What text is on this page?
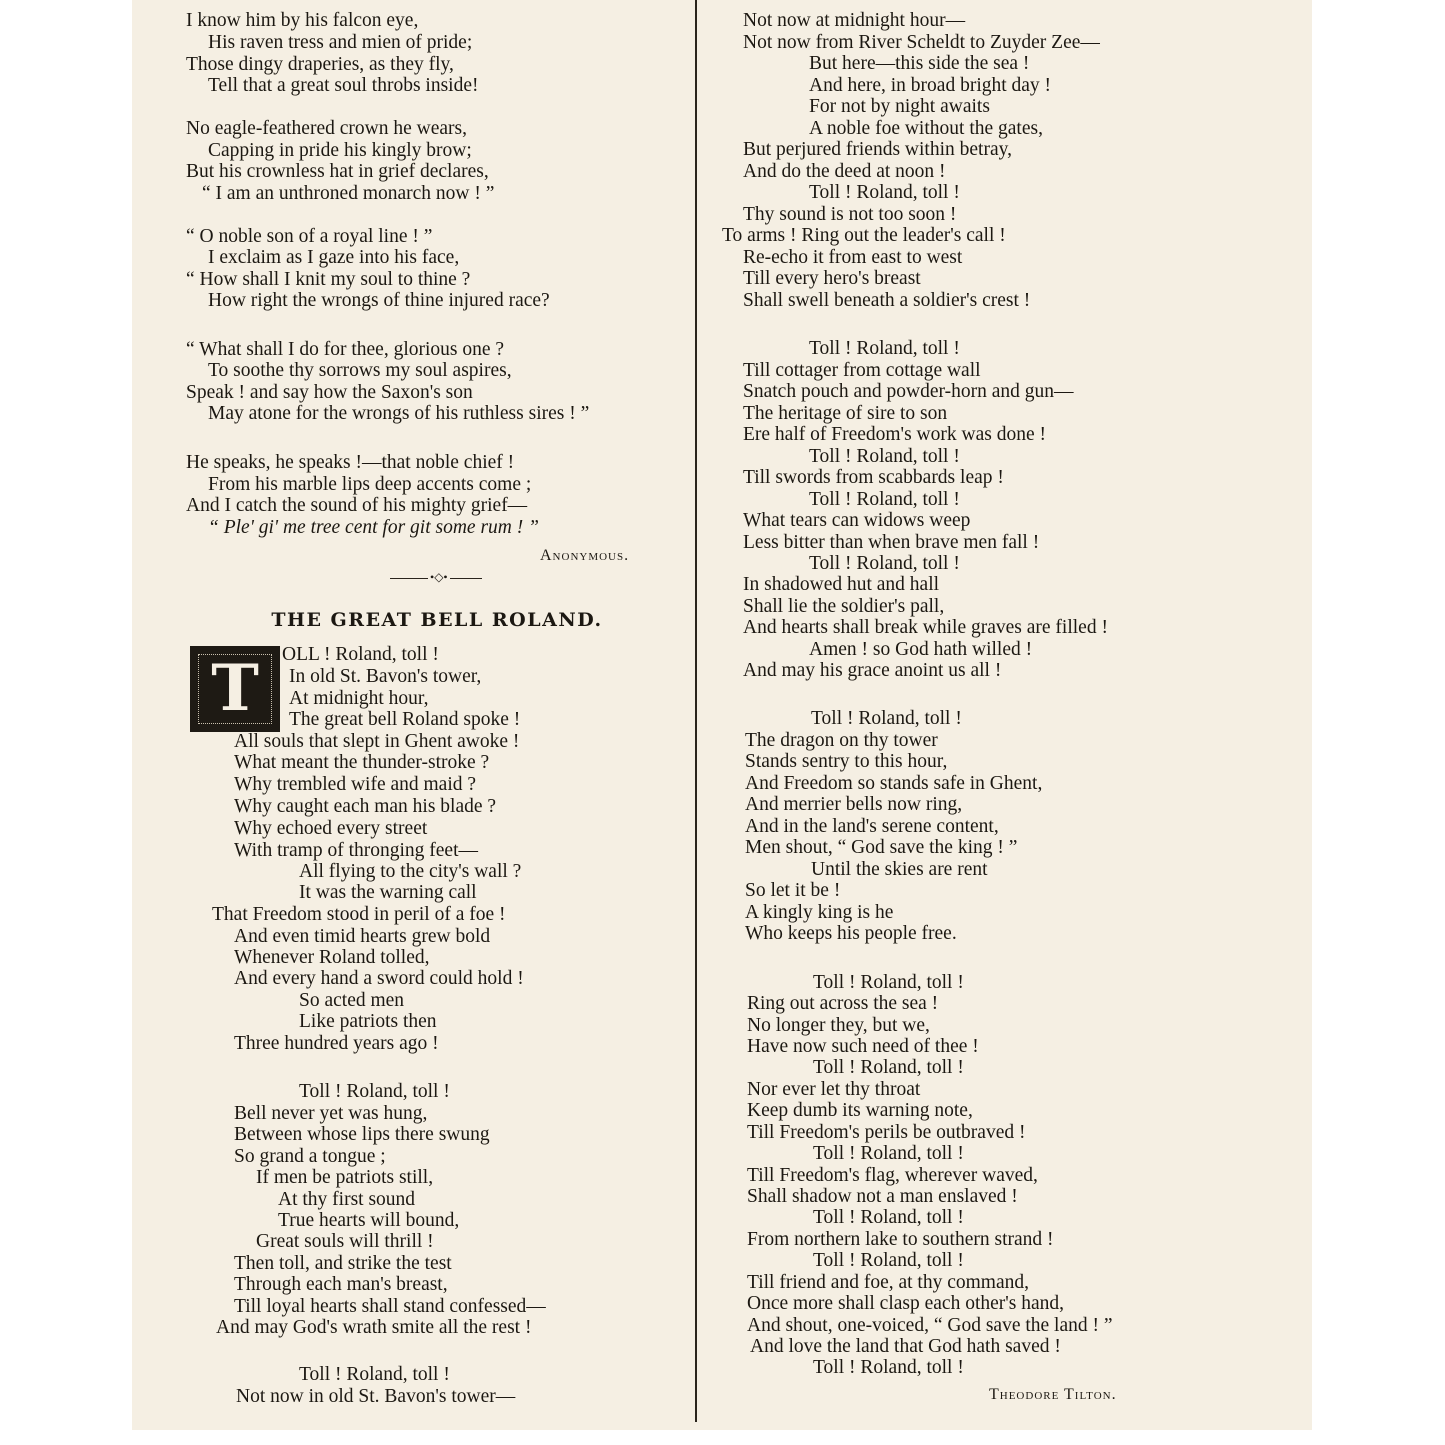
I know him by his falcon eye,
His raven tress and mien of pride;
Those dingy draperies, as they fly,
Tell that a great soul throbs inside!
No eagle-feathered crown he wears,
Capping in pride his kingly brow;
But his crownless hat in grief declares,
“ I am an unthroned monarch now ! ”
“ O noble son of a royal line ! ”
I exclaim as I gaze into his face,
“ How shall I knit my soul to thine ?
How right the wrongs of thine injured race?
“ What shall I do for thee, glorious one ?
To soothe thy sorrows my soul aspires,
Speak ! and say how the Saxon's son
May atone for the wrongs of his ruthless sires ! ”
He speaks, he speaks !—that noble chief !
From his marble lips deep accents come ;
And I catch the sound of his mighty grief—
“ Ple' gi' me tree cent for git some rum ! ”
Anonymous.
•◇•
THE GREAT BELL ROLAND.
T	OLL ! Roland, toll !
In old St. Bavon's tower,
At midnight hour,
The great bell Roland spoke !
All souls that slept in Ghent awoke !
What meant the thunder-stroke ?
Why trembled wife and maid ?
Why caught each man his blade ?
Why echoed every street
With tramp of thronging feet—
All flying to the city's wall ?
It was the warning call
That Freedom stood in peril of a foe !
And even timid hearts grew bold
Whenever Roland tolled,
And every hand a sword could hold !
So acted men
Like patriots then
Three hundred years ago !
Toll ! Roland, toll !
Bell never yet was hung,
Between whose lips there swung
So grand a tongue ;
If men be patriots still,
At thy first sound
True hearts will bound,
Great souls will thrill !
Then toll, and strike the test
Through each man's breast,
Till loyal hearts shall stand confessed—
And may God's wrath smite all the rest !
Toll ! Roland, toll !
Not now in old St. Bavon's tower—
Not now at midnight hour—
Not now from River Scheldt to Zuyder Zee—
But here—this side the sea !
And here, in broad bright day !
For not by night awaits
A noble foe without the gates,
But perjured friends within betray,
And do the deed at noon !
Toll ! Roland, toll !
Thy sound is not too soon !
To arms ! Ring out the leader's call !
Re-echo it from east to west
Till every hero's breast
Shall swell beneath a soldier's crest !
Toll ! Roland, toll !
Till cottager from cottage wall
Snatch pouch and powder-horn and gun—
The heritage of sire to son
Ere half of Freedom's work was done !
Toll ! Roland, toll !
Till swords from scabbards leap !
Toll ! Roland, toll !
What tears can widows weep
Less bitter than when brave men fall !
Toll ! Roland, toll !
In shadowed hut and hall
Shall lie the soldier's pall,
And hearts shall break while graves are filled !
Amen ! so God hath willed !
And may his grace anoint us all !
Toll ! Roland, toll !
The dragon on thy tower
Stands sentry to this hour,
And Freedom so stands safe in Ghent,
And merrier bells now ring,
And in the land's serene content,
Men shout, “ God save the king ! ”
Until the skies are rent
So let it be !
A kingly king is he
Who keeps his people free.
Toll ! Roland, toll !
Ring out across the sea !
No longer they, but we,
Have now such need of thee !
Toll ! Roland, toll !
Nor ever let thy throat
Keep dumb its warning note,
Till Freedom's perils be outbraved !
Toll ! Roland, toll !
Till Freedom's flag, wherever waved,
Shall shadow not a man enslaved !
Toll ! Roland, toll !
From northern lake to southern strand !
Toll ! Roland, toll !
Till friend and foe, at thy command,
Once more shall clasp each other's hand,
And shout, one-voiced, “ God save the land ! ”
And love the land that God hath saved !
Toll ! Roland, toll !
Theodore Tilton.
